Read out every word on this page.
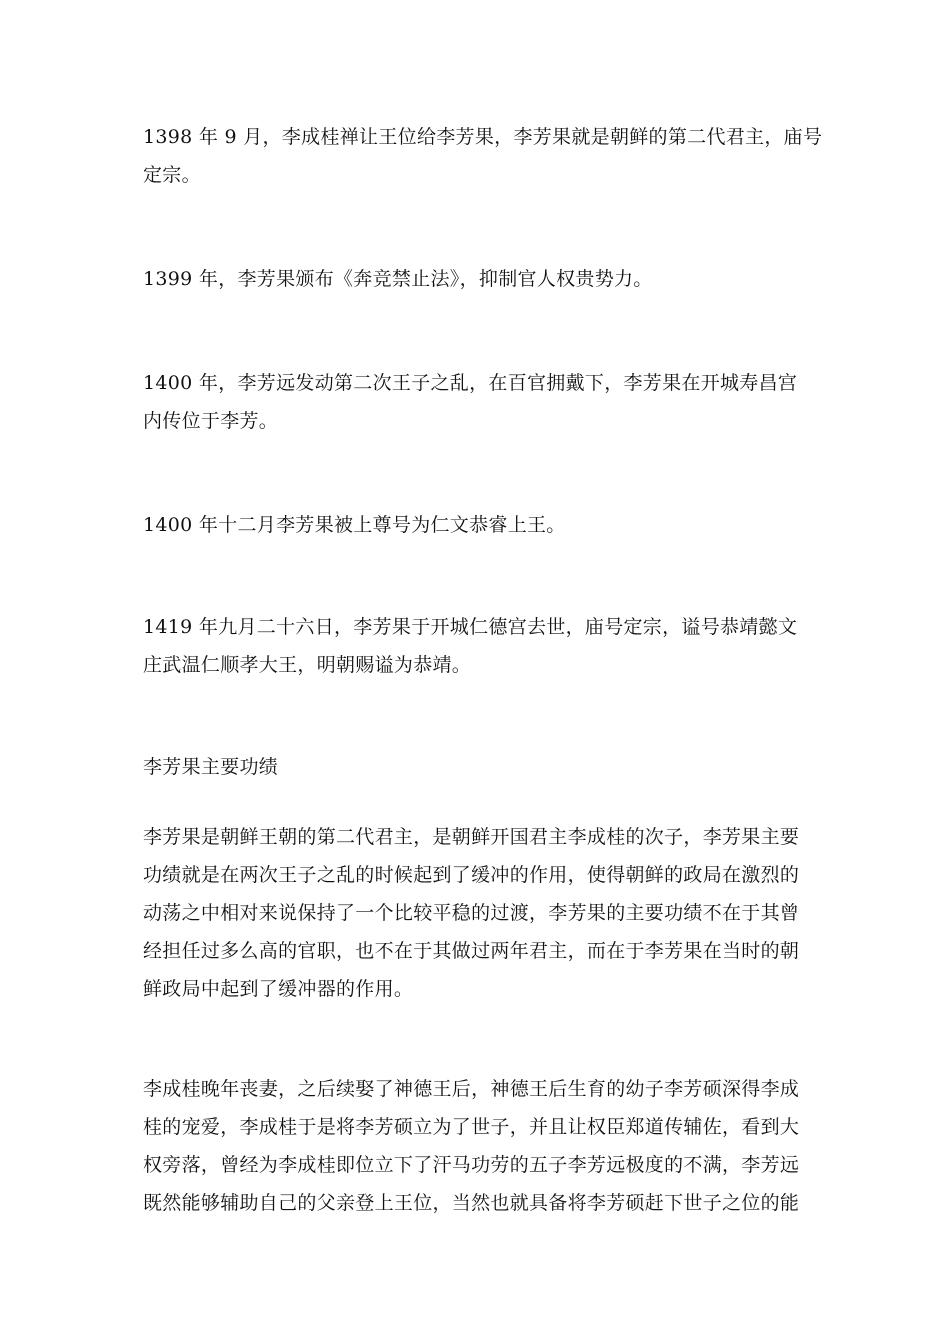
1398 年 9 月，李成桂禅让王位给李芳果，李芳果就是朝鲜的第二代君主，庙号
定宗。

1399 年，李芳果颁布《奔竞禁止法》，抑制官人权贵势力。

1400 年，李芳远发动第二次王子之乱，在百官拥戴下，李芳果在开城寿昌宫
内传位于李芳。

1400 年十二月李芳果被上尊号为仁文恭睿上王。

1419 年九月二十六日，李芳果于开城仁德宫去世，庙号定宗，谥号恭靖懿文
庄武温仁顺孝大王，明朝赐谥为恭靖。

李芳果主要功绩

李芳果是朝鲜王朝的第二代君主，是朝鲜开国君主李成桂的次子，李芳果主要
功绩就是在两次王子之乱的时候起到了缓冲的作用，使得朝鲜的政局在激烈的
动荡之中相对来说保持了一个比较平稳的过渡，李芳果的主要功绩不在于其曾
经担任过多么高的官职，也不在于其做过两年君主，而在于李芳果在当时的朝
鲜政局中起到了缓冲器的作用。

李成桂晚年丧妻，之后续娶了神德王后，神德王后生育的幼子李芳硕深得李成
桂的宠爱，李成桂于是将李芳硕立为了世子，并且让权臣郑道传辅佐，看到大
权旁落，曾经为李成桂即位立下了汗马功劳的五子李芳远极度的不满，李芳远
既然能够辅助自己的父亲登上王位，当然也就具备将李芳硕赶下世子之位的能
